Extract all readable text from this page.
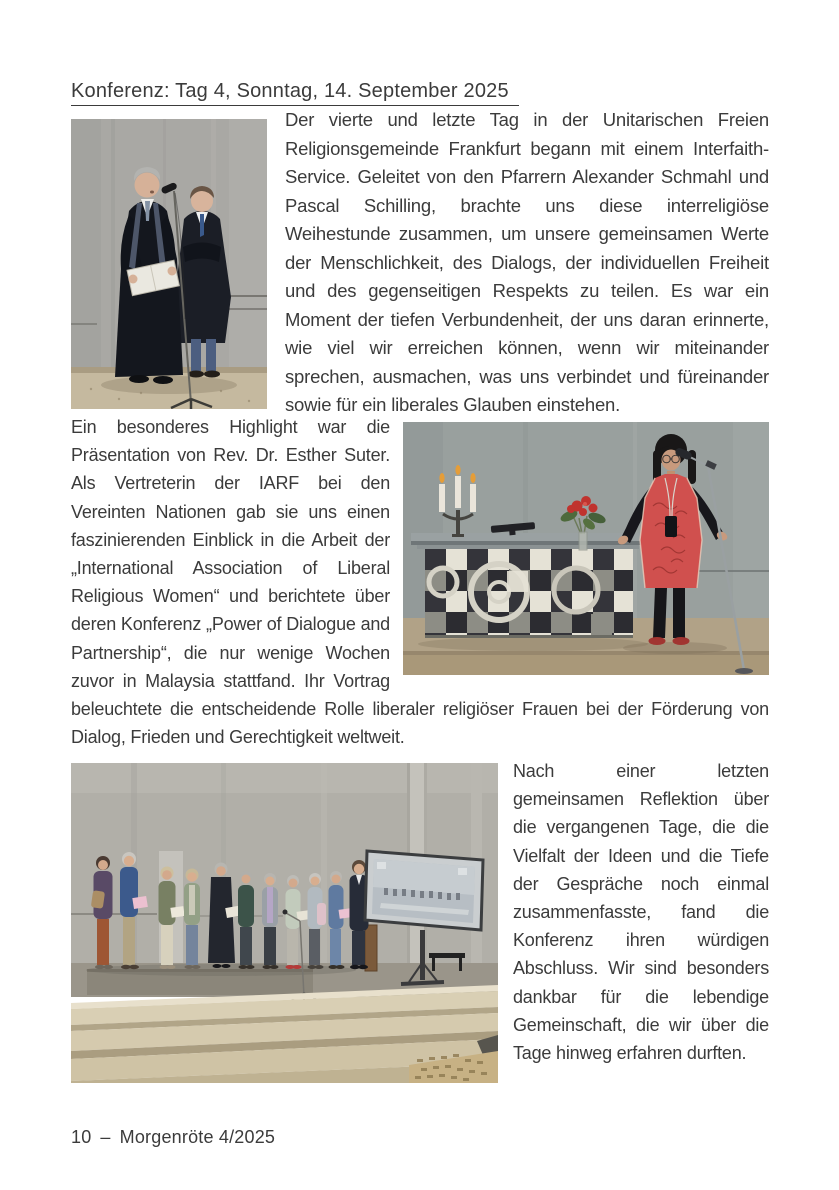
Konferenz: Tag 4, Sonntag, 14. September 2025

Der vierte und letzte Tag in der Unitarischen Freien Religionsgemeinde Frankfurt begann mit einem Interfaith-Service. Geleitet von den Pfarrern Alexander Schmahl und Pascal Schilling, brachte uns diese interreligiöse Weihestunde zusammen, um unsere gemeinsamen Werte der Menschlichkeit, des Dialogs, der individuellen Freiheit und des gegenseitigen Respekts zu teilen. Es war ein Moment der tiefen Verbundenheit, der uns daran erinnerte, wie viel wir erreichen können, wenn wir miteinander sprechen, ausmachen, was uns verbindet und füreinander sowie für ein liberales Glauben einstehen.

Ein besonderes Highlight war die Präsentation von Rev. Dr. Esther Suter. Als Vertreterin der IARF bei den Vereinten Nationen gab sie uns einen faszinierenden Einblick in die Arbeit der „International Association of Liberal Religious Women“ und berichtete über deren Konferenz „Power of Dialogue and Partnership“, die nur wenige Wochen zuvor in Malaysia stattfand. Ihr Vortrag beleuchtete die entscheidende Rolle liberaler religiöser Frauen bei der Förderung von Dialog, Frieden und Gerechtigkeit weltweit.

Nach einer letzten gemeinsamen Reflektion über die vergangenen Tage, die die Vielfalt der Ideen und die Tiefe der Gespräche noch einmal zusammenfasste, fand die Konferenz ihren würdigen Abschluss. Wir sind besonders dankbar für die lebendige Gemeinschaft, die wir über die Tage hinweg erfahren durften.

10 – Morgenröte 4/2025
